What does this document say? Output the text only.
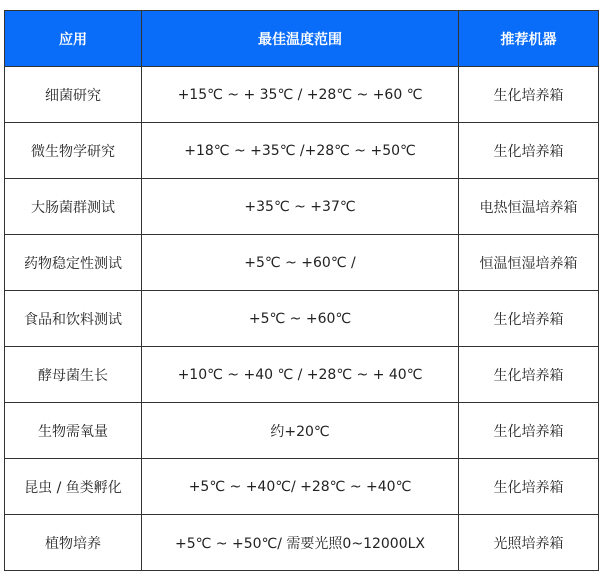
应用	最佳温度范围	推荐机器
细菌研究	+15℃ ~ + 35℃ / +28℃ ~ +60 ℃	生化培养箱
微生物学研究	+18℃ ~ +35℃ /+28℃ ~ +50℃	生化培养箱
大肠菌群测试	+35℃ ~ +37℃	电热恒温培养箱
药物稳定性测试	+5℃ ~ +60℃ /	恒温恒湿培养箱
食品和饮料测试	+5℃ ~ +60℃	生化培养箱
酵母菌生长	+10℃ ~ +40 ℃ / +28℃ ~ + 40℃	生化培养箱
生物需氧量	约+20℃	生化培养箱
昆虫 / 鱼类孵化	+5℃ ~ +40℃/ +28℃ ~ +40℃	生化培养箱
植物培养	+5℃ ~ +50℃/ 需要光照0~12000LX	光照培养箱
